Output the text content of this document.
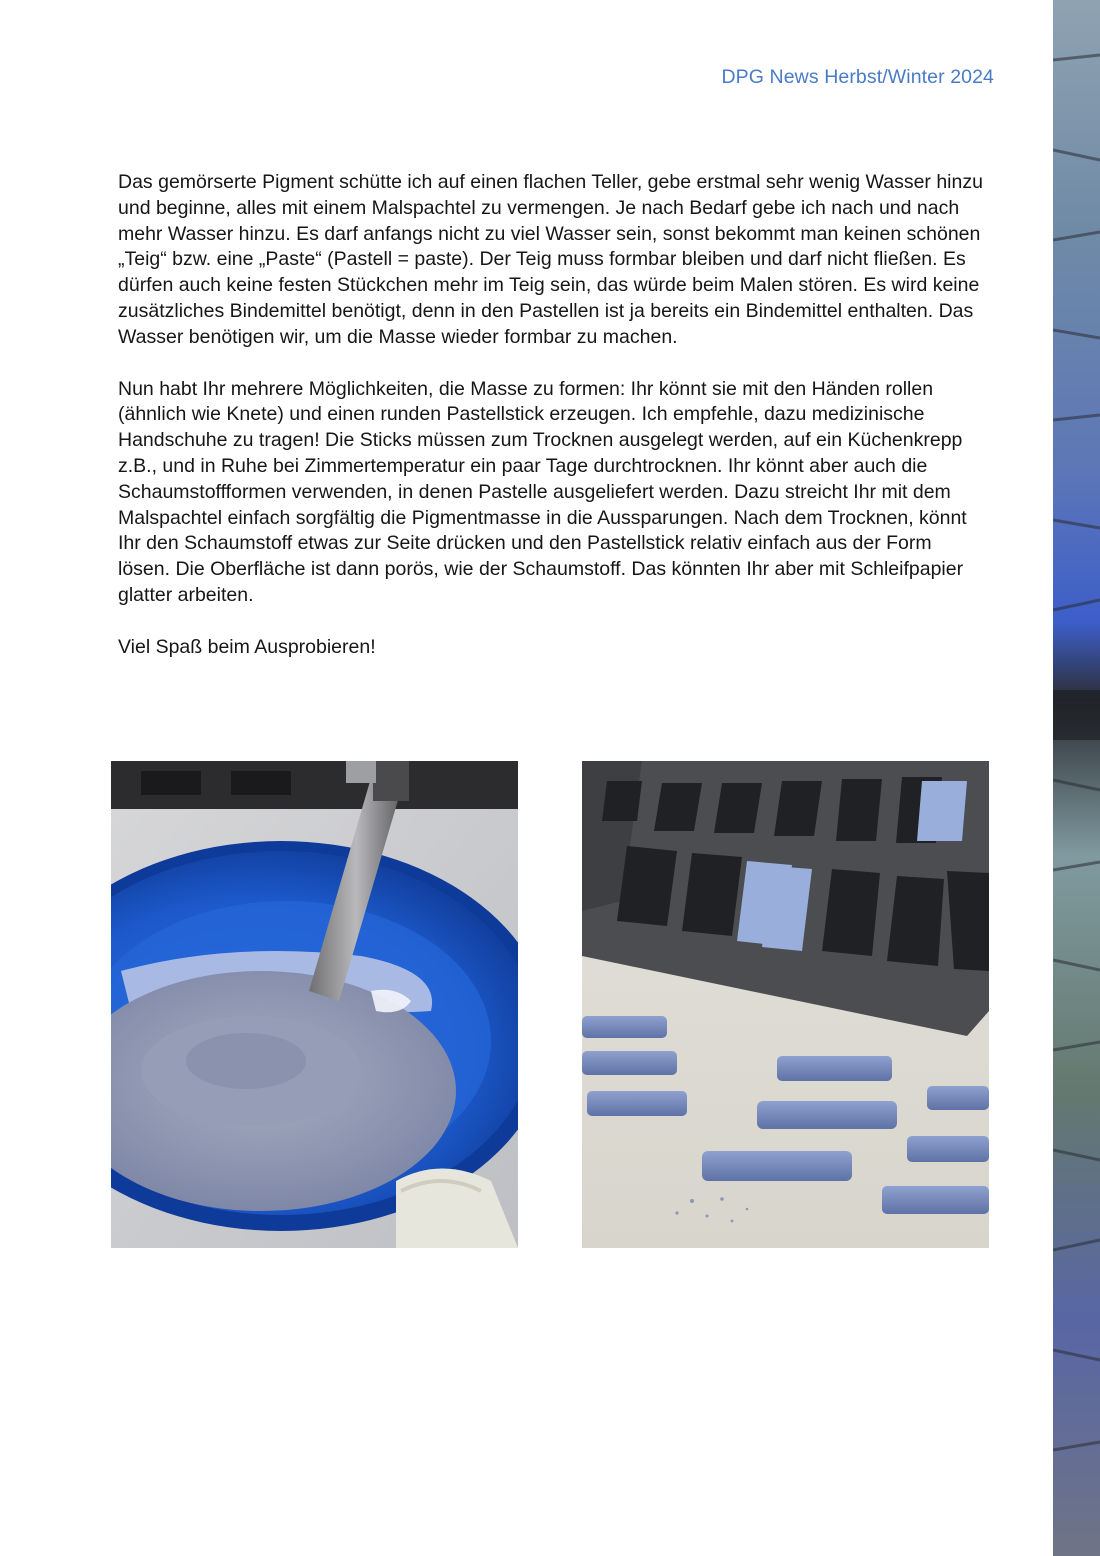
DPG News Herbst/Winter 2024

Das gemörserte Pigment schütte ich auf einen flachen Teller, gebe erstmal sehr wenig Wasser hinzu und beginne, alles mit einem Malspachtel zu vermengen. Je nach Bedarf gebe ich nach und nach mehr Wasser hinzu. Es darf anfangs nicht zu viel Wasser sein, sonst bekommt man keinen schönen „Teig“ bzw. eine „Paste“ (Pastell = paste). Der Teig muss formbar bleiben und darf nicht fließen. Es dürfen auch keine festen Stückchen mehr im Teig sein, das würde beim Malen stören. Es wird keine zusätzliches Bindemittel benötigt, denn in den Pastellen ist ja bereits ein Bindemittel enthalten. Das Wasser benötigen wir, um die Masse wieder formbar zu machen.

Nun habt Ihr mehrere Möglichkeiten, die Masse zu formen: Ihr könnt sie mit den Händen rollen (ähnlich wie Knete) und einen runden Pastellstick erzeugen. Ich empfehle, dazu medizinische Handschuhe zu tragen! Die Sticks müssen zum Trocknen ausgelegt werden, auf ein Küchenkrepp z.B., und in Ruhe bei Zimmertemperatur ein paar Tage durchtrocknen. Ihr könnt aber auch die Schaumstoffformen verwenden, in denen Pastelle ausgeliefert werden. Dazu streicht Ihr mit dem Malspachtel einfach sorgfältig die Pigmentmasse in die Aussparungen. Nach dem Trocknen, könnt Ihr den Schaumstoff etwas zur Seite drücken und den Pastellstick relativ einfach aus der Form lösen. Die Oberfläche ist dann porös, wie der Schaumstoff. Das könnten Ihr aber mit Schleifpapier glatter arbeiten.

Viel Spaß beim Ausprobieren!
